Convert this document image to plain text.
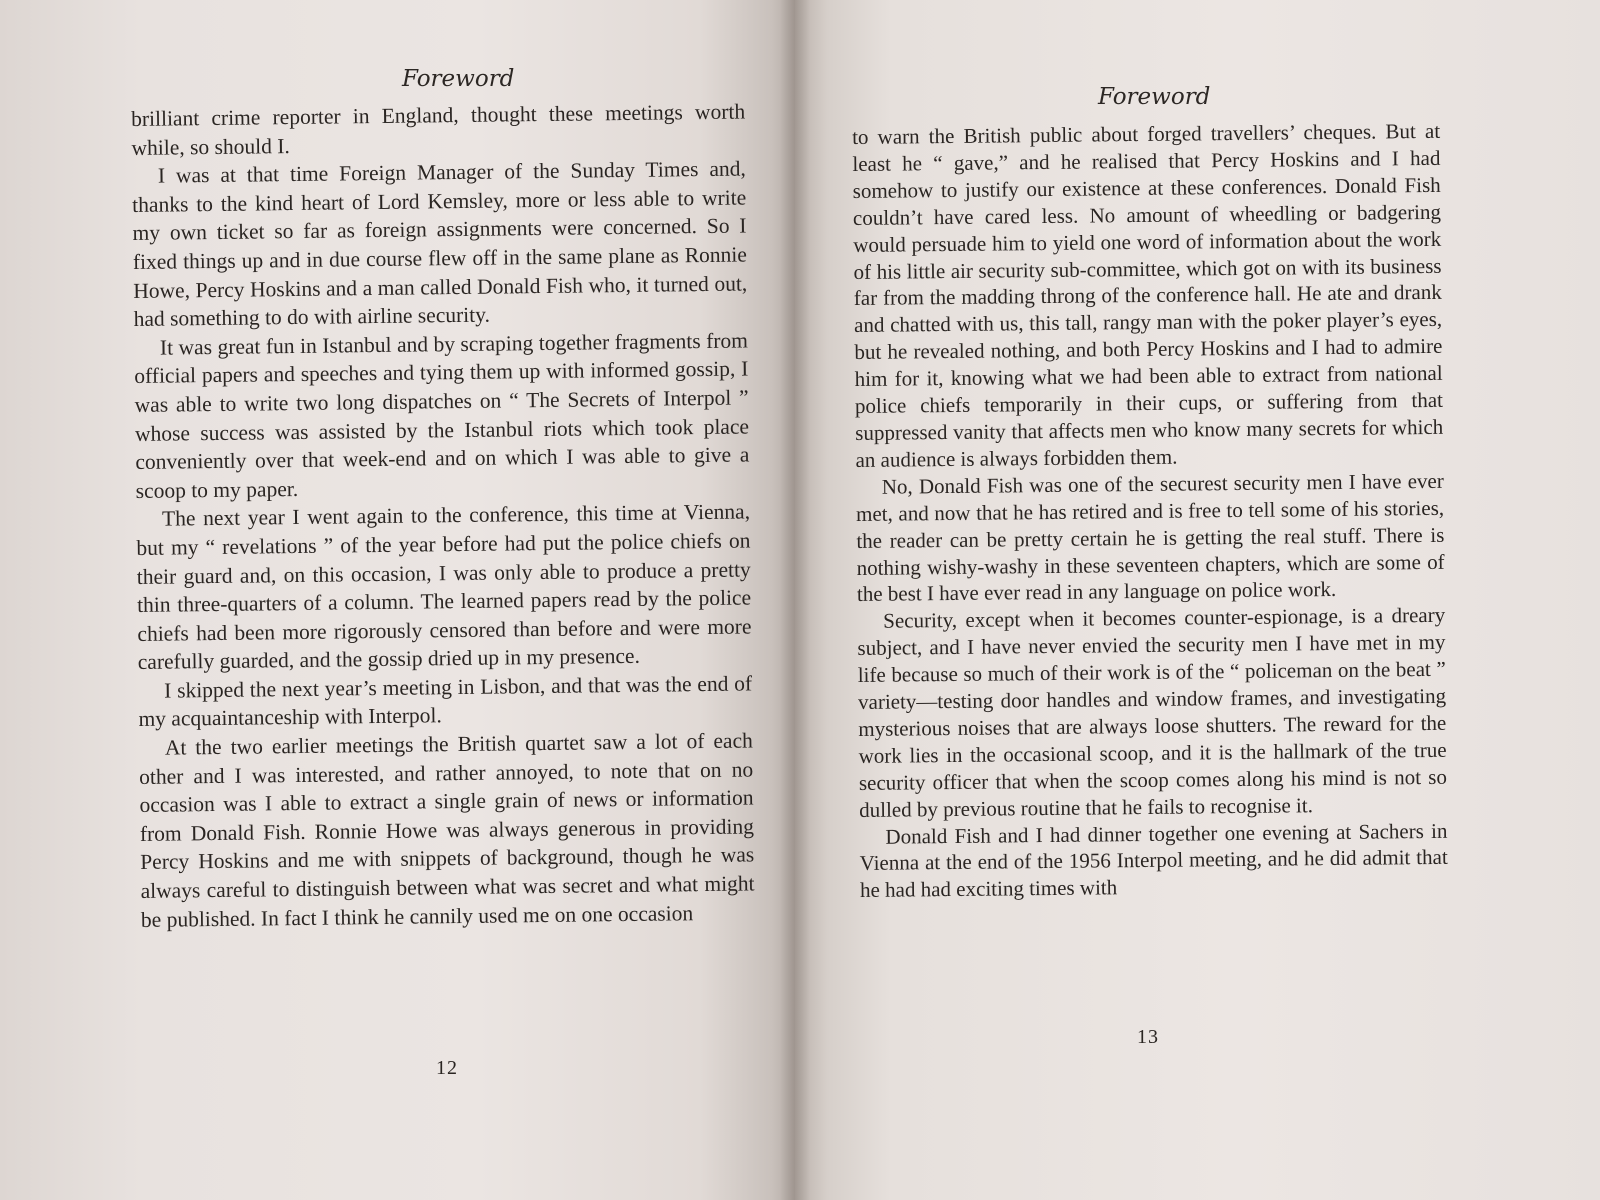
Foreword

brilliant crime reporter in England, thought these meetings worth while, so should I.

I was at that time Foreign Manager of the Sunday Times and, thanks to the kind heart of Lord Kemsley, more or less able to write my own ticket so far as foreign assignments were concerned. So I fixed things up and in due course flew off in the same plane as Ronnie Howe, Percy Hoskins and a man called Donald Fish who, it turned out, had something to do with airline security.

It was great fun in Istanbul and by scraping together fragments from official papers and speeches and tying them up with informed gossip, I was able to write two long dispatches on “ The Secrets of Interpol ” whose success was assisted by the Istanbul riots which took place conveniently over that week-end and on which I was able to give a scoop to my paper.

The next year I went again to the conference, this time at Vienna, but my “ revelations ” of the year before had put the police chiefs on their guard and, on this occasion, I was only able to produce a pretty thin three-quarters of a column. The learned papers read by the police chiefs had been more rigorously censored than before and were more carefully guarded, and the gossip dried up in my presence.

I skipped the next year’s meeting in Lisbon, and that was the end of my acquaintanceship with Interpol.

At the two earlier meetings the British quartet saw a lot of each other and I was interested, and rather annoyed, to note that on no occasion was I able to extract a single grain of news or information from Donald Fish. Ronnie Howe was always generous in providing Percy Hoskins and me with snippets of background, though he was always careful to distinguish between what was secret and what might be published. In fact I think he cannily used me on one occasion

12
Foreword

to warn the British public about forged travellers’ cheques. But at least he “ gave,” and he realised that Percy Hoskins and I had somehow to justify our existence at these conferences. Donald Fish couldn’t have cared less. No amount of wheedling or badgering would persuade him to yield one word of information about the work of his little air security sub-committee, which got on with its business far from the madding throng of the conference hall. He ate and drank and chatted with us, this tall, rangy man with the poker player’s eyes, but he revealed nothing, and both Percy Hoskins and I had to admire him for it, knowing what we had been able to extract from national police chiefs temporarily in their cups, or suffering from that suppressed vanity that affects men who know many secrets for which an audience is always forbidden them.

No, Donald Fish was one of the securest security men I have ever met, and now that he has retired and is free to tell some of his stories, the reader can be pretty certain he is getting the real stuff. There is nothing wishy-washy in these seventeen chapters, which are some of the best I have ever read in any language on police work.

Security, except when it becomes counter-espionage, is a dreary subject, and I have never envied the security men I have met in my life because so much of their work is of the “ policeman on the beat ” variety—testing door handles and window frames, and investigating mysterious noises that are always loose shutters. The reward for the work lies in the occasional scoop, and it is the hallmark of the true security officer that when the scoop comes along his mind is not so dulled by previous routine that he fails to recognise it.

Donald Fish and I had dinner together one evening at Sachers in Vienna at the end of the 1956 Interpol meeting, and he did admit that he had had exciting times with

13
